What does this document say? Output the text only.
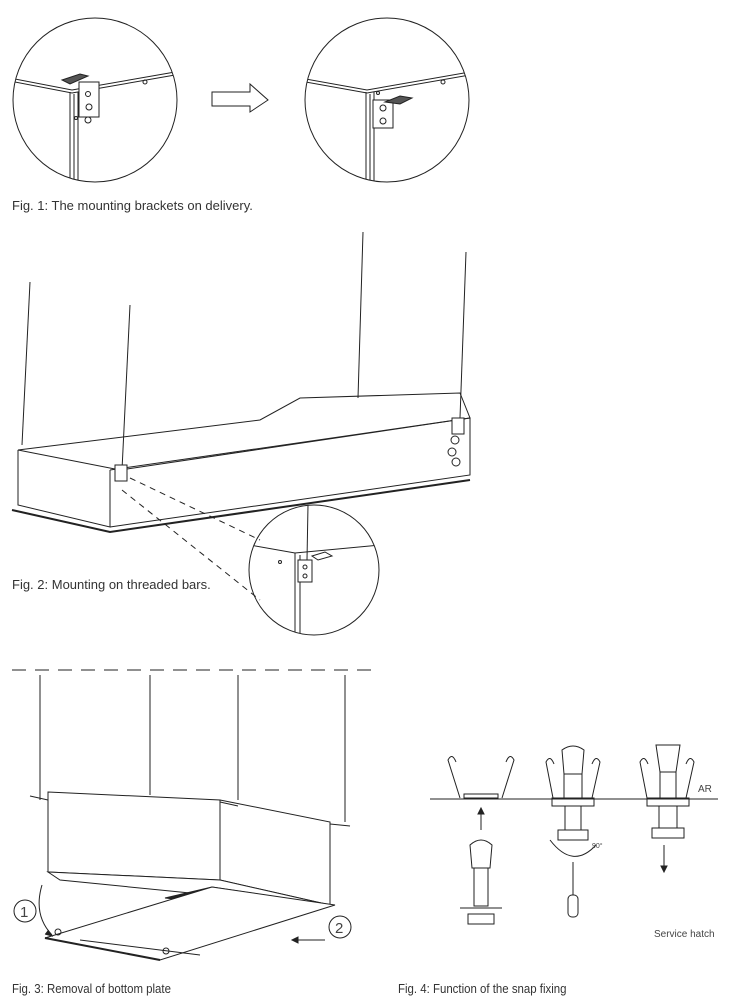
1
2
90°
AR
Service hatch
Fig. 1: The mounting brackets on delivery.
Fig. 2: Mounting on threaded bars.
Fig. 3: Removal of bottom plate	Fig. 4: Function of the snap fixing
